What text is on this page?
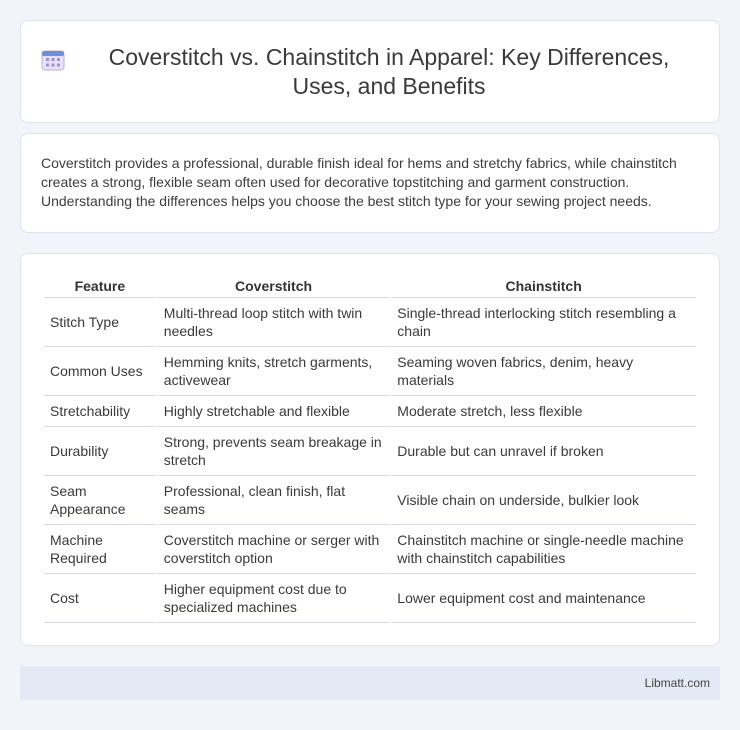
Coverstitch vs. Chainstitch in Apparel: Key Differences, Uses, and Benefits

Coverstitch provides a professional, durable finish ideal for hems and stretchy fabrics, while chainstitch creates a strong, flexible seam often used for decorative topstitching and garment construction. Understanding the differences helps you choose the best stitch type for your sewing project needs.

Feature	Coverstitch	Chainstitch
Stitch Type	Multi-thread loop stitch with twin needles	Single-thread interlocking stitch resembling a chain
Common Uses	Hemming knits, stretch garments, activewear	Seaming woven fabrics, denim, heavy materials
Stretchability	Highly stretchable and flexible	Moderate stretch, less flexible
Durability	Strong, prevents seam breakage in stretch	Durable but can unravel if broken
Seam Appearance	Professional, clean finish, flat seams	Visible chain on underside, bulkier look
Machine Required	Coverstitch machine or serger with coverstitch option	Chainstitch machine or single-needle machine with chainstitch capabilities
Cost	Higher equipment cost due to specialized machines	Lower equipment cost and maintenance
Libmatt.com
